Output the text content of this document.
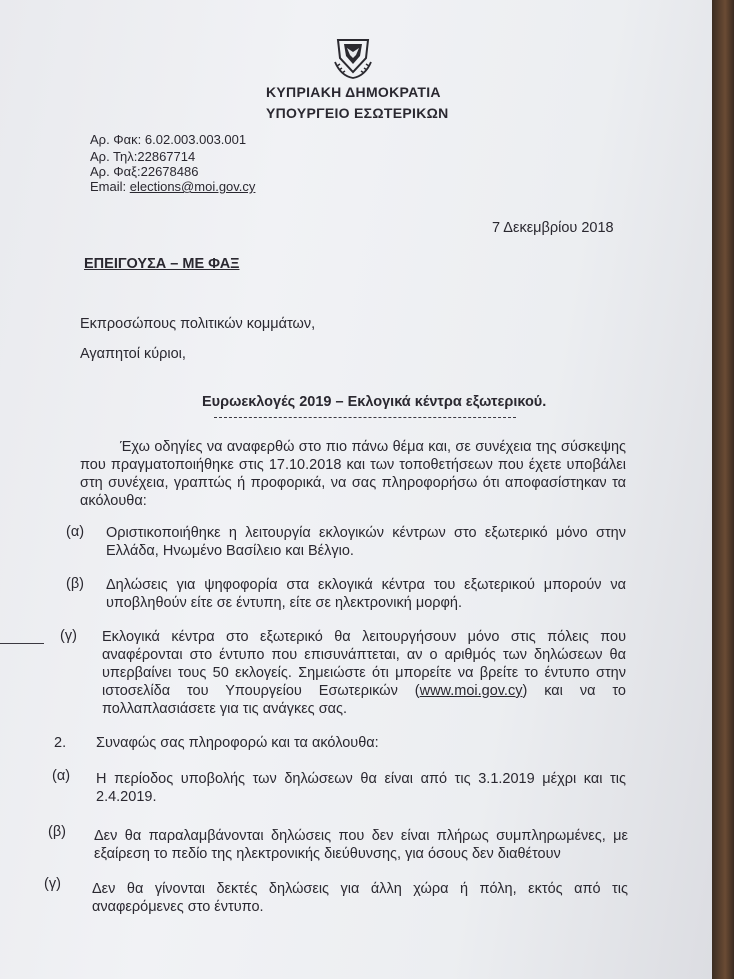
ΚΥΠΡΙΑΚΗ ΔΗΜΟΚΡΑΤΙΑ
ΥΠΟΥΡΓΕΙΟ ΕΣΩΤΕΡΙΚΩΝ
Αρ. Φακ: 6.02.003.003.001
Αρ. Τηλ:22867714
Αρ. Φαξ:22678486
Email: elections@moi.gov.cy
7 Δεκεμβρίου 2018
ΕΠΕΙΓΟΥΣΑ – ΜΕ ΦΑΞ
Εκπροσώπους πολιτικών κομμάτων,
Αγαπητοί κύριοι,
Ευρωεκλογές 2019 – Εκλογικά κέντρα εξωτερικού.
Έχω οδηγίες να αναφερθώ στο πιο πάνω θέμα και, σε συνέχεια της σύσκεψης που πραγματοποιήθηκε στις 17.10.2018 και των τοποθετήσεων που έχετε υποβάλει στη συνέχεια, γραπτώς ή προφορικά, να σας πληροφορήσω ότι αποφασίστηκαν τα ακόλουθα:
(α) Οριστικοποιήθηκε η λειτουργία εκλογικών κέντρων στο εξωτερικό μόνο στην Ελλάδα, Ηνωμένο Βασίλειο και Βέλγιο.
(β) Δηλώσεις για ψηφοφορία στα εκλογικά κέντρα του εξωτερικού μπορούν να υποβληθούν είτε σε έντυπη, είτε σε ηλεκτρονική μορφή.
(γ) Εκλογικά κέντρα στο εξωτερικό θα λειτουργήσουν μόνο στις πόλεις που αναφέρονται στο έντυπο που επισυνάπτεται, αν ο αριθμός των δηλώσεων θα υπερβαίνει τους 50 εκλογείς. Σημειώστε ότι μπορείτε να βρείτε το έντυπο στην ιστοσελίδα του Υπουργείου Εσωτερικών (www.moi.gov.cy) και να το πολλαπλασιάσετε για τις ανάγκες σας.
2. Συναφώς σας πληροφορώ και τα ακόλουθα:
(α) Η περίοδος υποβολής των δηλώσεων θα είναι από τις 3.1.2019 μέχρι και τις 2.4.2019.
(β) Δεν θα παραλαμβάνονται δηλώσεις που δεν είναι πλήρως συμπληρωμένες, με εξαίρεση το πεδίο της ηλεκτρονικής διεύθυνσης, για όσους δεν διαθέτουν
(γ) Δεν θα γίνονται δεκτές δηλώσεις για άλλη χώρα ή πόλη, εκτός από τις αναφερόμενες στο έντυπο.
